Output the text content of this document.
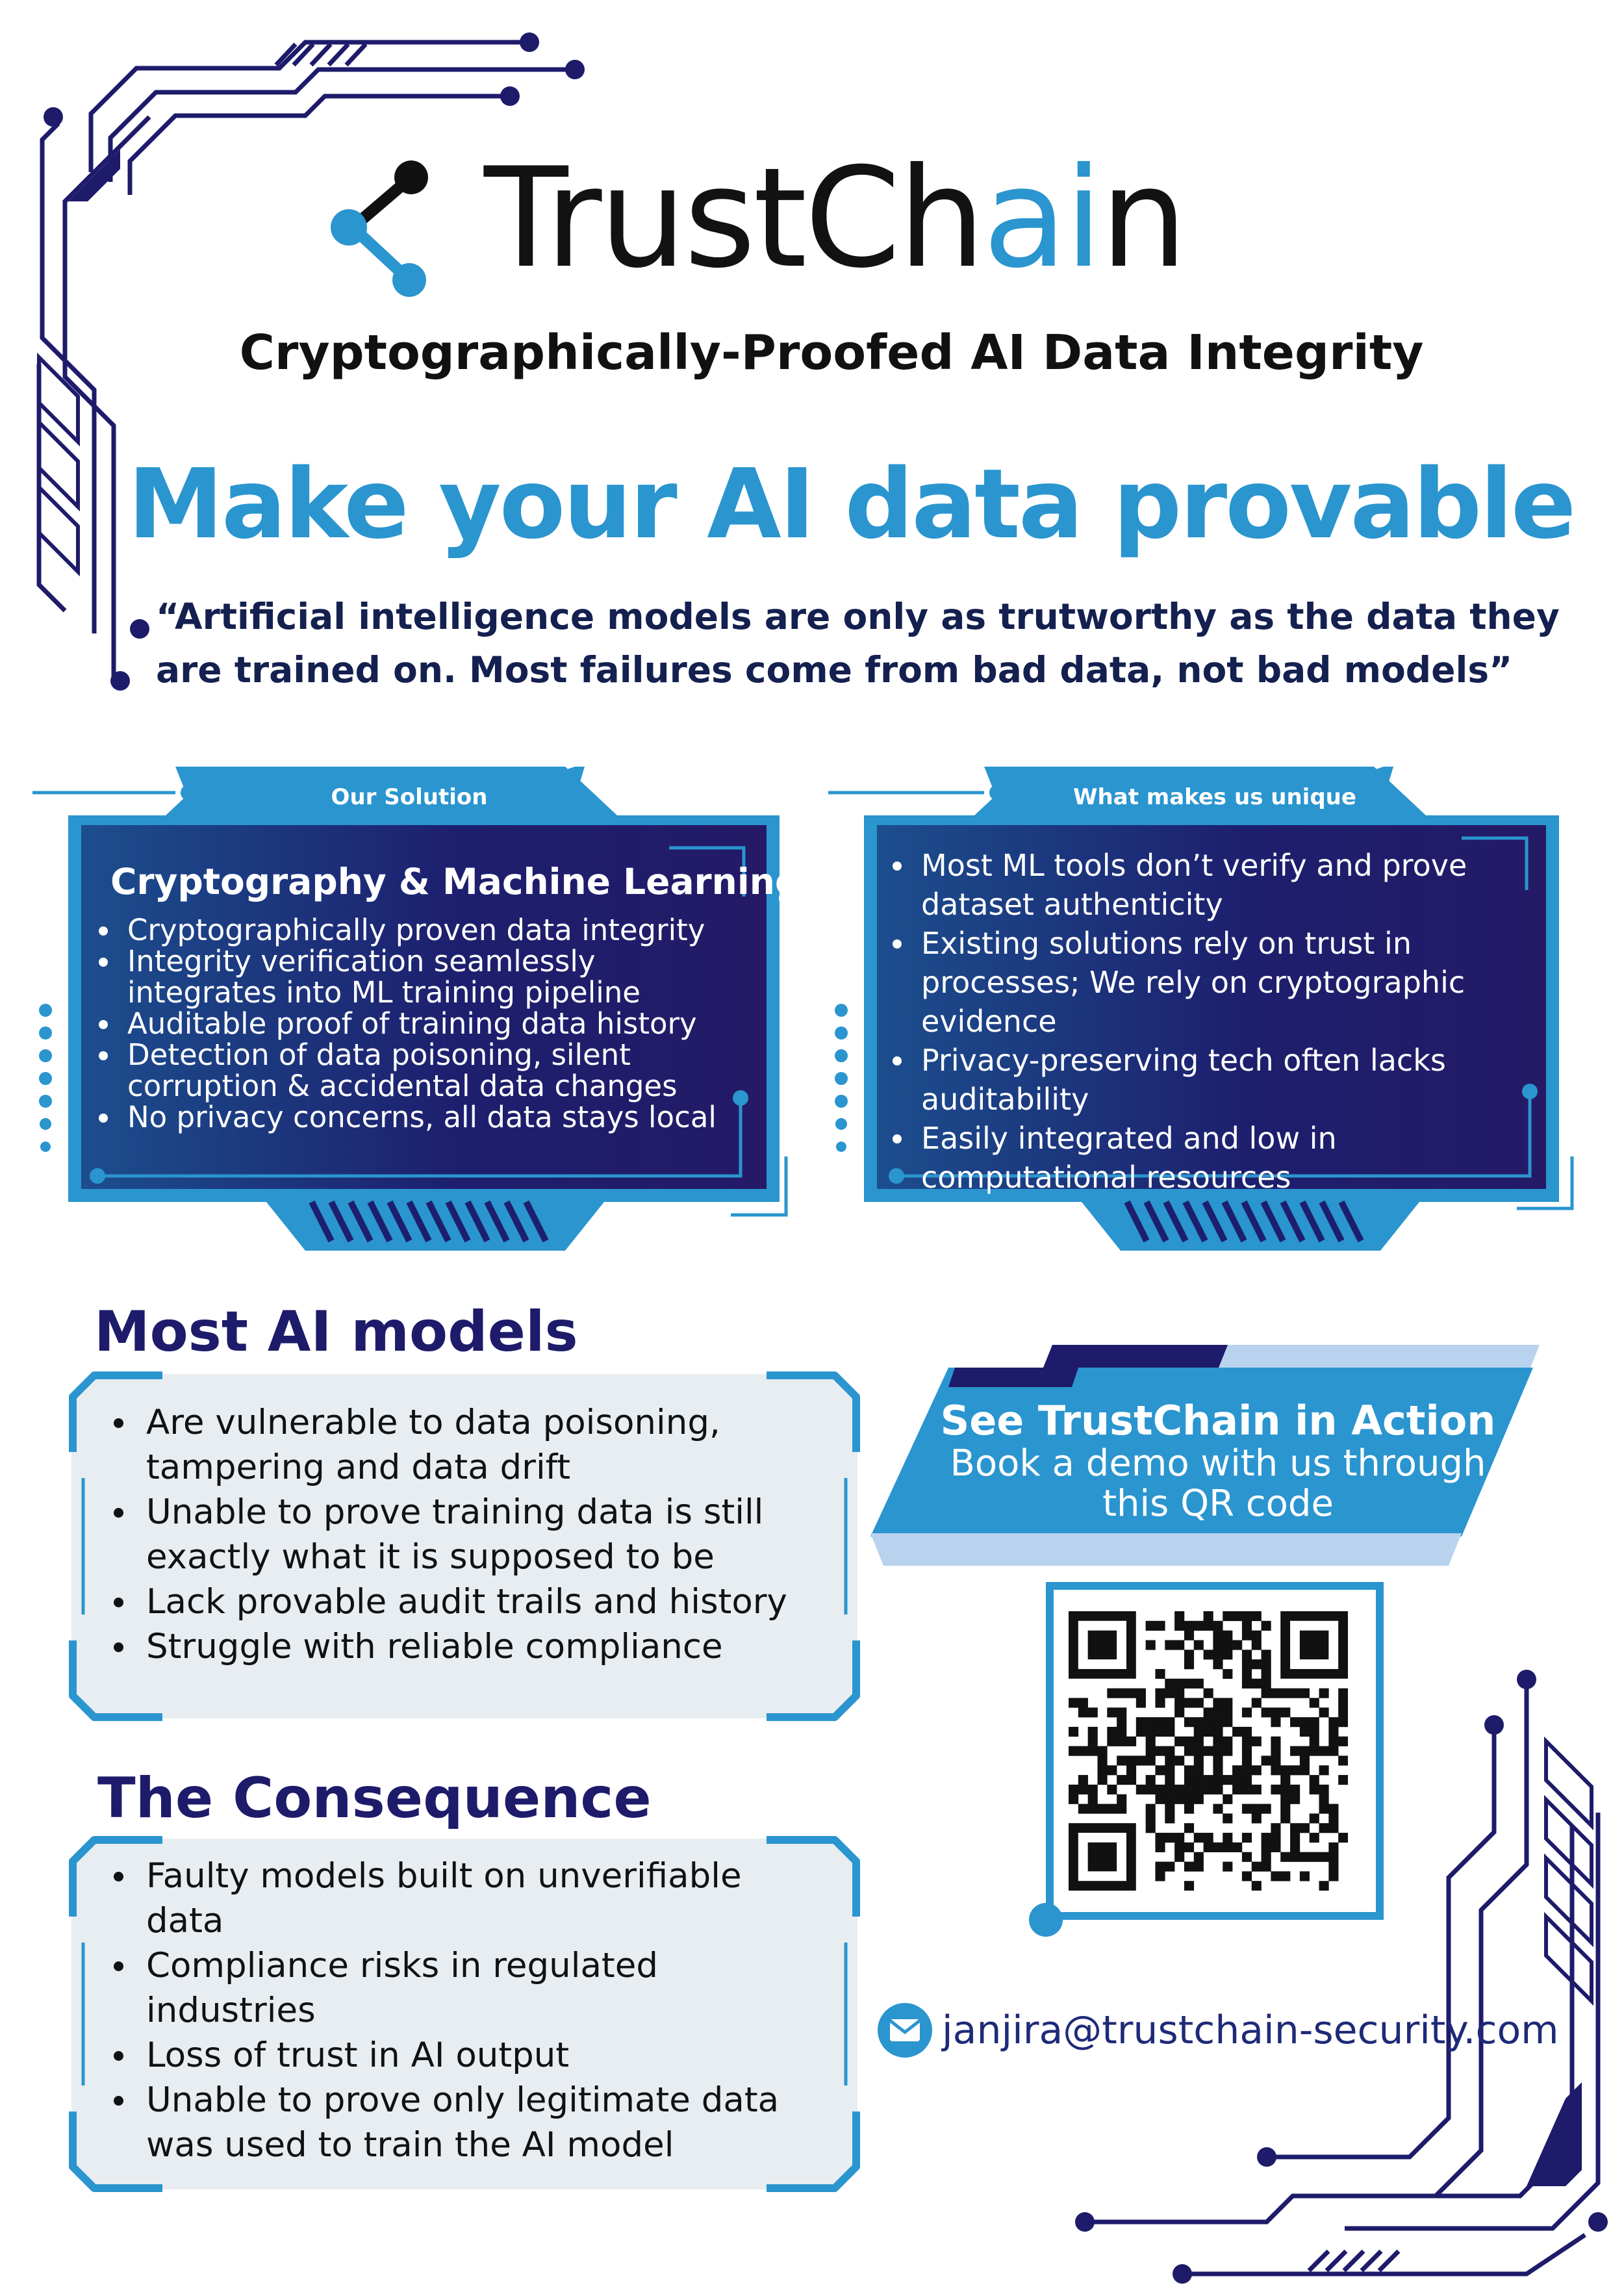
TrustChain
Cryptographically-Proofed AI Data Integrity
Make your AI data provable
“Artificial intelligence models are only as trutworthy as the data they are trained on. Most failures come from bad data, not bad models”
Our Solution
Cryptography & Machine Learning
Cryptographically proven data integrity
Integrity verification seamlessly integrates into ML training pipeline
Auditable proof of training data history
Detection of data poisoning, silent corruption & accidental data changes
No privacy concerns, all data stays local
What makes us unique
Most ML tools don’t verify and prove dataset authenticity
Existing solutions rely on trust in processes; We rely on cryptographic evidence
Privacy-preserving tech often lacks auditability
Easily integrated and low in computational resources
Most AI models
Are vulnerable to data poisoning, tampering and data drift
Unable to prove training data is still exactly what it is supposed to be
Lack provable audit trails and history
Struggle with reliable compliance
The Consequence
Faulty models built on unverifiable data
Compliance risks in regulated industries
Loss of trust in AI output
Unable to prove only legitimate data was used to train the AI model
See TrustChain in Action
Book a demo with us through this QR code
janjira@trustchain-security.com
